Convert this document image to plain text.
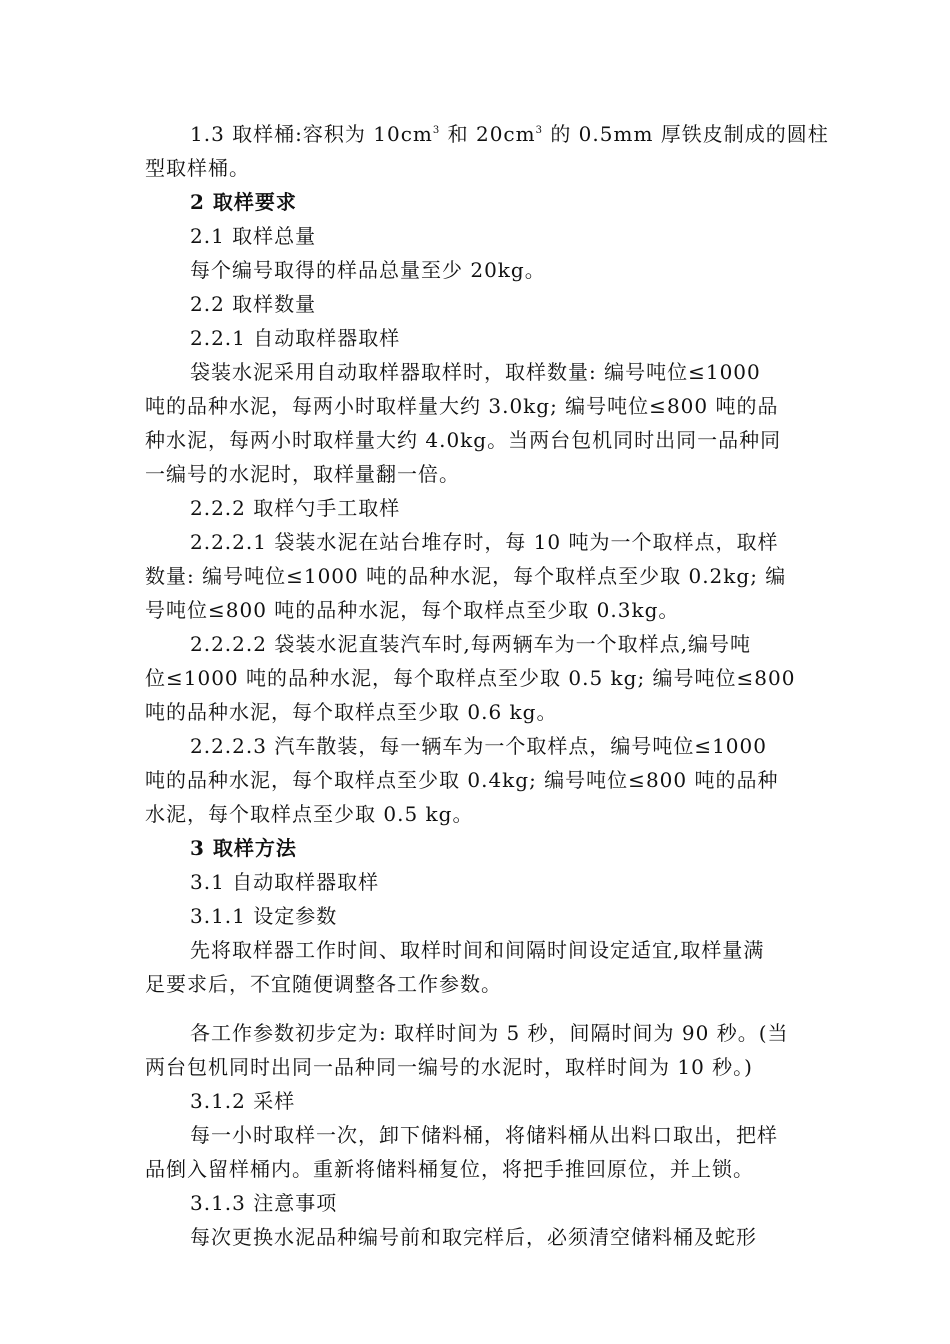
1.3 取样桶:容积为 $10cm^3$ 和 $20cm^3$ 的 0.5mm 厚铁皮制成的圆柱
型取样桶。
2 取样要求
2.1 取样总量
每个编号取得的样品总量至少 20kg。
2.2 取样数量
2.2.1 自动取样器取样
袋装水泥采用自动取样器取样时，取样数量: 编号吨位≤1000
吨的品种水泥，每两小时取样量大约 3.0kg; 编号吨位≤800 吨的品
种水泥，每两小时取样量大约 4.0kg。当两台包机同时出同一品种同
一编号的水泥时，取样量翻一倍。
2.2.2 取样勺手工取样
2.2.2.1 袋装水泥在站台堆存时，每 10 吨为一个取样点，取样
数量: 编号吨位≤1000 吨的品种水泥，每个取样点至少取 0.2kg; 编
号吨位≤800 吨的品种水泥，每个取样点至少取 0.3kg。
2.2.2.2 袋装水泥直装汽车时,每两辆车为一个取样点,编号吨
位≤1000 吨的品种水泥，每个取样点至少取 0.5 kg; 编号吨位≤800
吨的品种水泥，每个取样点至少取 0.6 kg。
2.2.2.3 汽车散装，每一辆车为一个取样点，编号吨位≤1000
吨的品种水泥，每个取样点至少取 0.4kg; 编号吨位≤800 吨的品种
水泥，每个取样点至少取 0.5 kg。
3 取样方法
3.1 自动取样器取样
3.1.1 设定参数
先将取样器工作时间、取样时间和间隔时间设定适宜,取样量满
足要求后，不宜随便调整各工作参数。
各工作参数初步定为: 取样时间为 5 秒，间隔时间为 90 秒。(当
两台包机同时出同一品种同一编号的水泥时，取样时间为 10 秒。)
3.1.2 采样
每一小时取样一次，卸下储料桶，将储料桶从出料口取出，把样
品倒入留样桶内。重新将储料桶复位，将把手推回原位，并上锁。
3.1.3 注意事项
每次更换水泥品种编号前和取完样后，必须清空储料桶及蛇形
